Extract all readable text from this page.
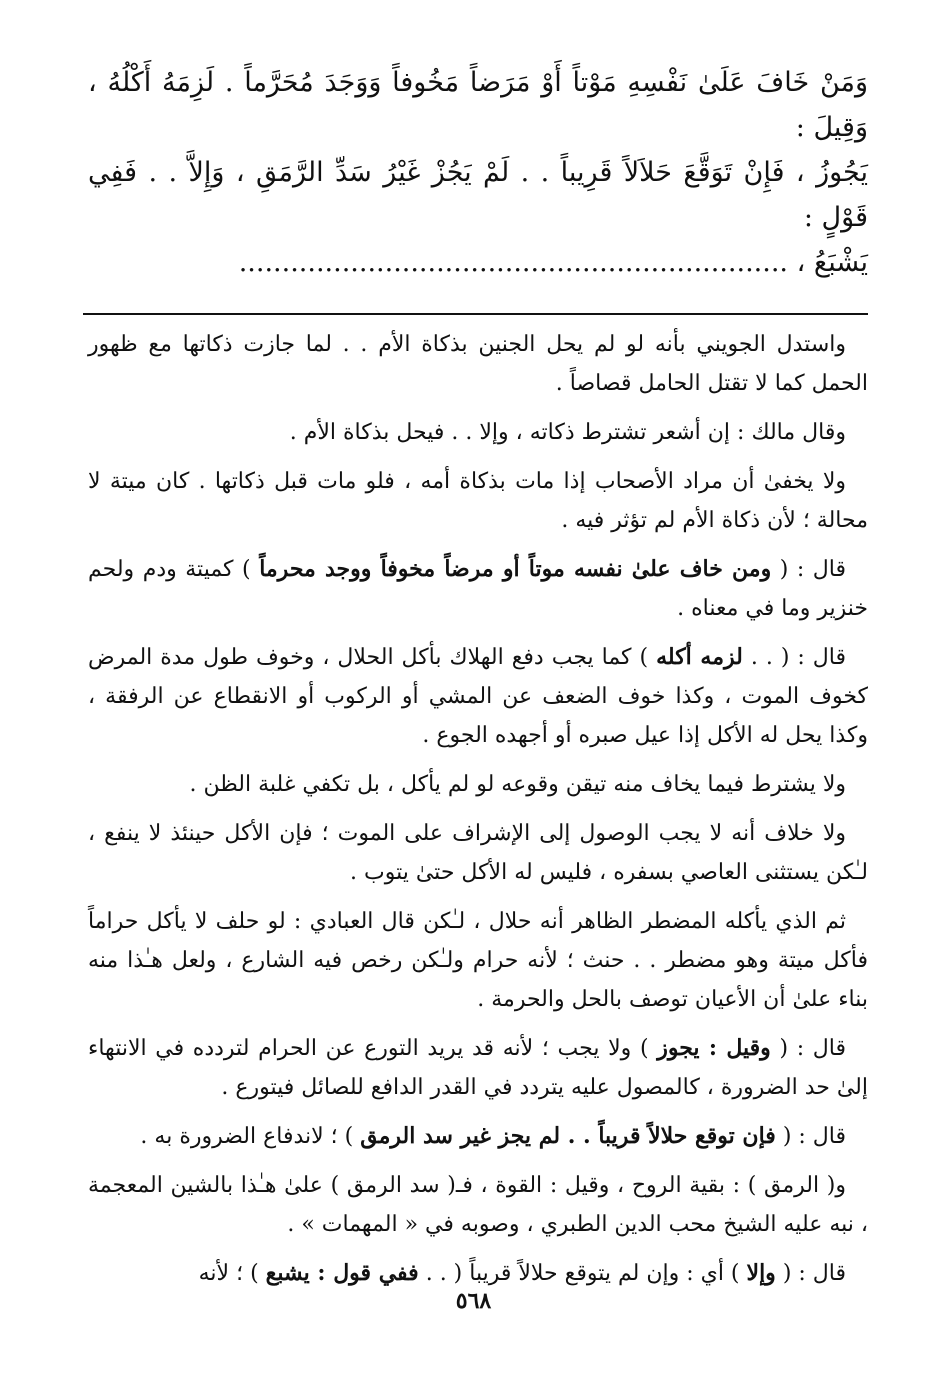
وَمَنْ خَافَ عَلَىٰ نَفْسِهِ مَوْتاً أَوْ مَرَضاً مَخُوفاً وَوَجَدَ مُحَرَّماً . لَزِمَهُ أَكْلُهُ ، وَقِيلَ :
يَجُوزُ ، فَإِنْ تَوَقَّعَ حَلاَلاً قَرِيباً . . لَمْ يَجُزْ غَيْرُ سَدِّ الرَّمَقِ ، وَإِلاَّ . . فَفِي قَوْلٍ :
يَشْبَعُ ، ................................................................

واستدل الجويني بأنه لو لم يحل الجنين بذكاة الأم . . لما جازت ذكاتها مع ظهور الحمل كما لا تقتل الحامل قصاصاً .

وقال مالك : إن أشعر تشترط ذكاته ، وإلا . . فيحل بذكاة الأم .

ولا يخفىٰ أن مراد الأصحاب إذا مات بذكاة أمه ، فلو مات قبل ذكاتها . كان ميتة لا محالة ؛ لأن ذكاة الأم لم تؤثر فيه .

قال : ( ومن خاف علىٰ نفسه موتاً أو مرضاً مخوفاً ووجد محرماً ) كميتة ودم ولحم خنزير وما في معناه .

قال : ( . . لزمه أكله ) كما يجب دفع الهلاك بأكل الحلال ، وخوف طول مدة المرض كخوف الموت ، وكذا خوف الضعف عن المشي أو الركوب أو الانقطاع عن الرفقة ، وكذا يحل له الأكل إذا عيل صبره أو أجهده الجوع .

ولا يشترط فيما يخاف منه تيقن وقوعه لو لم يأكل ، بل تكفي غلبة الظن .

ولا خلاف أنه لا يجب الوصول إلى الإشراف على الموت ؛ فإن الأكل حينئذ لا ينفع ، لـٰكن يستثنى العاصي بسفره ، فليس له الأكل حتىٰ يتوب .

ثم الذي يأكله المضطر الظاهر أنه حلال ، لـٰكن قال العبادي : لو حلف لا يأكل حراماً فأكل ميتة وهو مضطر . . حنث ؛ لأنه حرام ولـٰكن رخص فيه الشارع ، ولعل هـٰذا منه بناء علىٰ أن الأعيان توصف بالحل والحرمة .

قال : ( وقيل : يجوز ) ولا يجب ؛ لأنه قد يريد التورع عن الحرام لتردده في الانتهاء إلىٰ حد الضرورة ، كالمصول عليه يتردد في القدر الدافع للصائل فيتورع .

قال : ( فإن توقع حلالاً قريباً . . لم يجز غير سد الرمق ) ؛ لاندفاع الضرورة به .

و( الرمق ) : بقية الروح ، وقيل : القوة ، فـ( سد الرمق ) علىٰ هـٰذا بالشين المعجمة ، نبه عليه الشيخ محب الدين الطبري ، وصوبه في « المهمات » .

قال : ( وإلا ) أي : وإن لم يتوقع حلالاً قريباً ( . . ففي قول : يشبع ) ؛ لأنه

٥٦٨
